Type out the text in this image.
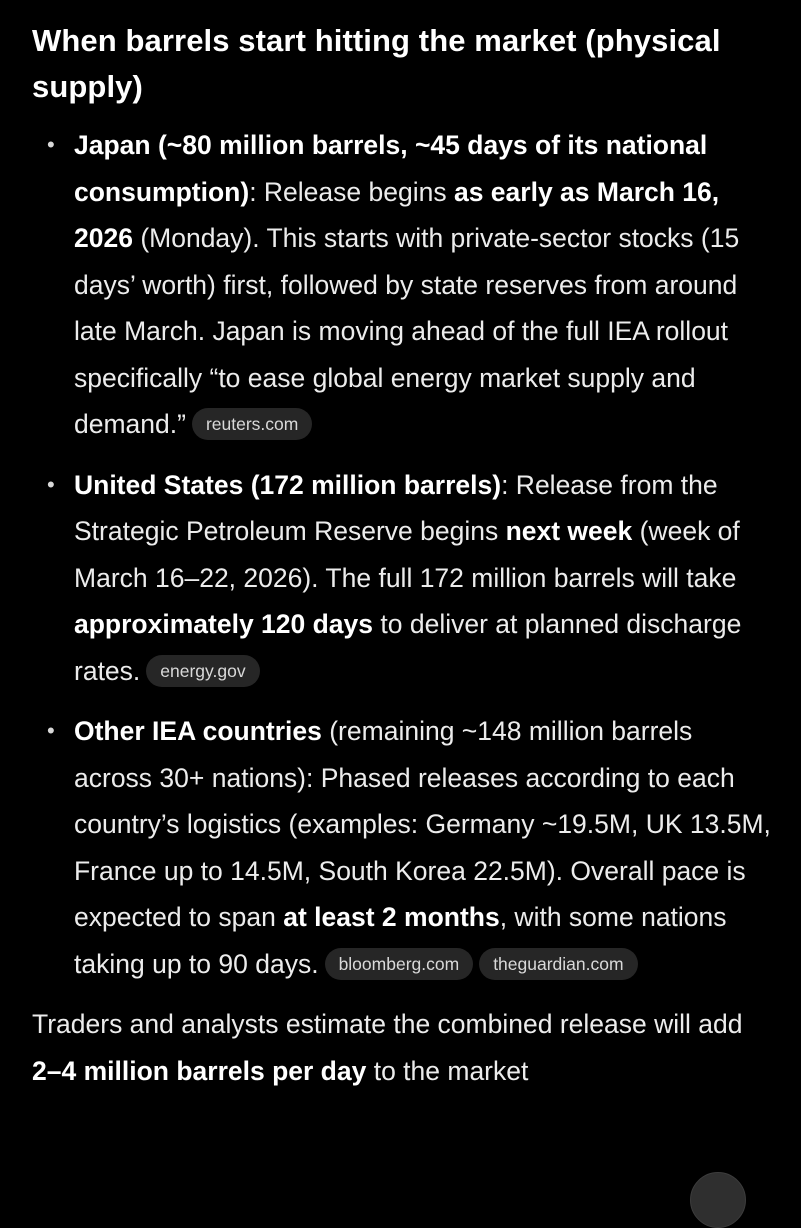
When barrels start hitting the market (physical supply)
• Japan (~80 million barrels, ~45 days of its national consumption): Release begins as early as March 16, 2026 (Monday). This starts with private-sector stocks (15 days’ worth) first, followed by state reserves from around late March. Japan is moving ahead of the full IEA rollout specifically “to ease global energy market supply and demand.” reuters.com
• United States (172 million barrels): Release from the Strategic Petroleum Reserve begins next week (week of March 16–22, 2026). The full 172 million barrels will take approximately 120 days to deliver at planned discharge rates. energy.gov
• Other IEA countries (remaining ~148 million barrels across 30+ nations): Phased releases according to each country’s logistics (examples: Germany ~19.5M, UK 13.5M, France up to 14.5M, South Korea 22.5M). Overall pace is expected to span at least 2 months, with some nations taking up to 90 days. bloomberg.com theguardian.com

Traders and analysts estimate the combined release will add 2–4 million barrels per day to the market
